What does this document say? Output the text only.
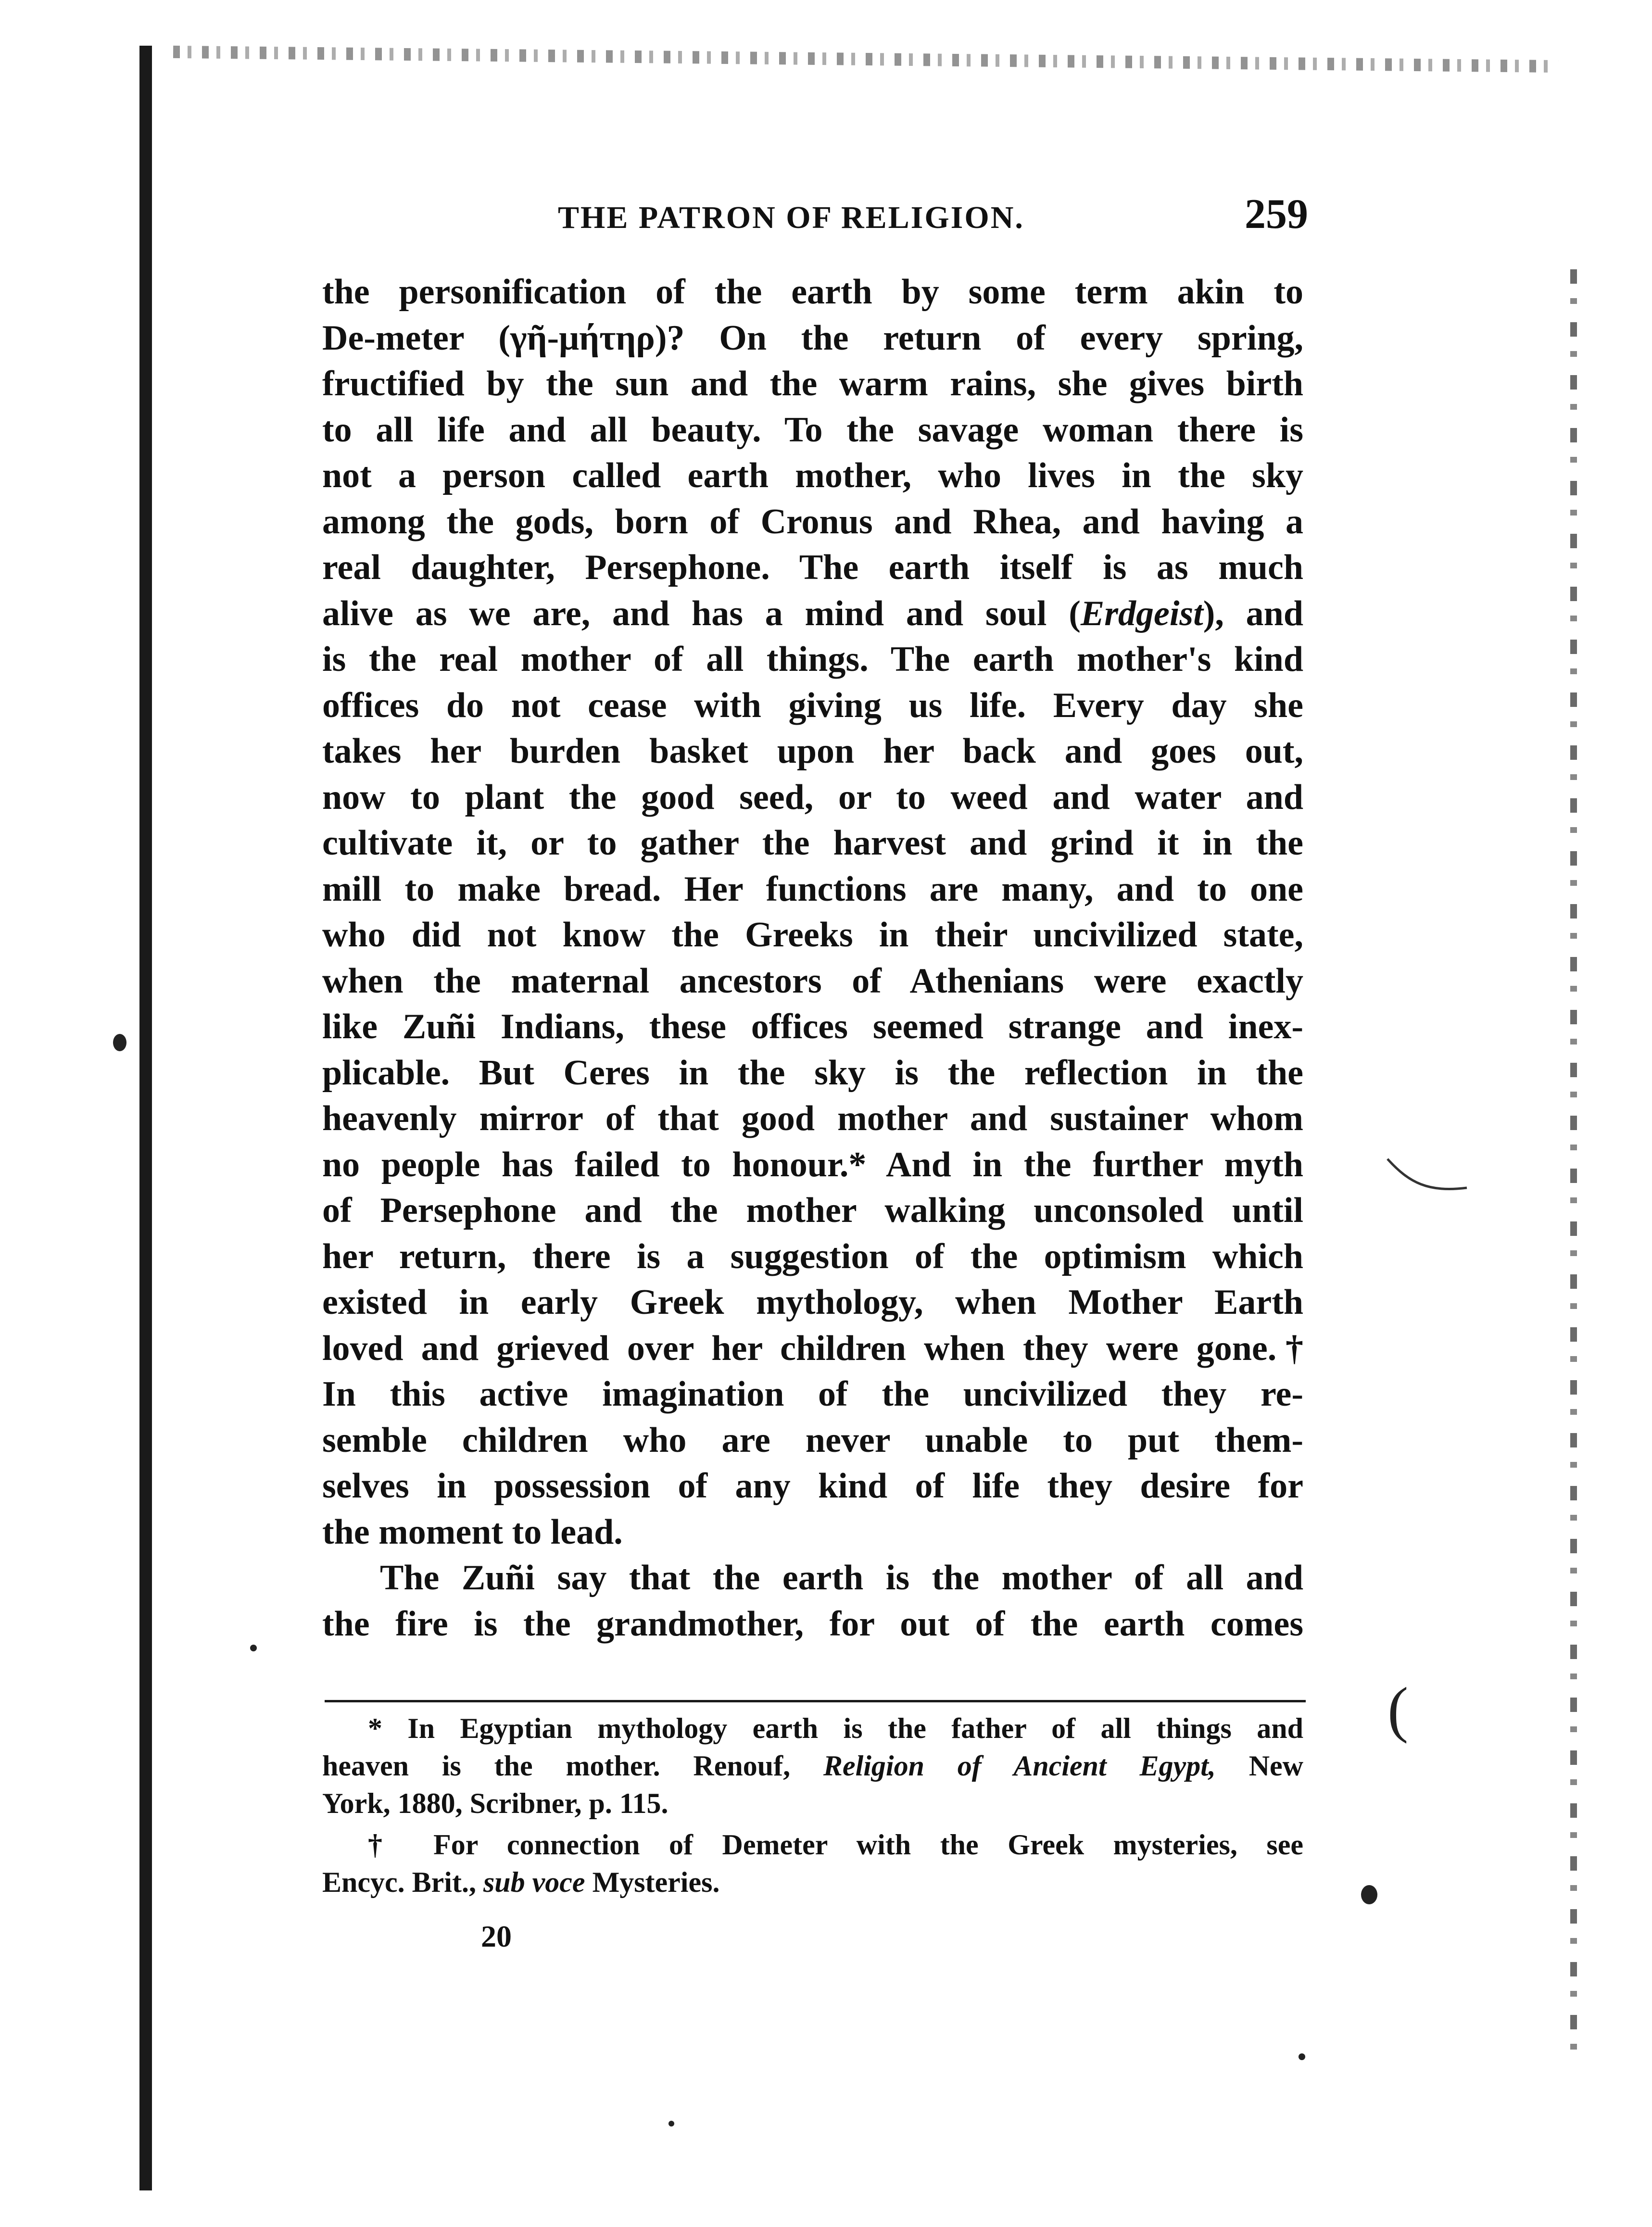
(
THE PATRON OF RELIGION.	259
the personification of the earth by some term akin to
De-meter (γῆ-μήτηρ)? On the return of every spring,
fructified by the sun and the warm rains, she gives birth
to all life and all beauty. To the savage woman there is
not a person called earth mother, who lives in the sky
among the gods, born of Cronus and Rhea, and having a
real daughter, Persephone. The earth itself is as much
alive as we are, and has a mind and soul (Erdgeist), and
is the real mother of all things. The earth mother's kind
offices do not cease with giving us life. Every day she
takes her burden basket upon her back and goes out,
now to plant the good seed, or to weed and water and
cultivate it, or to gather the harvest and grind it in the
mill to make bread. Her functions are many, and to one
who did not know the Greeks in their uncivilized state,
when the maternal ancestors of Athenians were exactly
like Zuñi Indians, these offices seemed strange and inex-
plicable. But Ceres in the sky is the reflection in the
heavenly mirror of that good mother and sustainer whom
no people has failed to honour.* And in the further myth
of Persephone and the mother walking unconsoled until
her return, there is a suggestion of the optimism which
existed in early Greek mythology, when Mother Earth
loved and grieved over her children when they were gone.†
In this active imagination of the uncivilized they re-
semble children who are never unable to put them-
selves in possession of any kind of life they desire for
the moment to lead.
The Zuñi say that the earth is the mother of all and
the fire is the grandmother, for out of the earth comes
* In Egyptian mythology earth is the father of all things and
heaven is the mother. Renouf, Religion of Ancient Egypt, New
York, 1880, Scribner, p. 115.
† For connection of Demeter with the Greek mysteries, see
Encyc. Brit., sub voce Mysteries.
20
